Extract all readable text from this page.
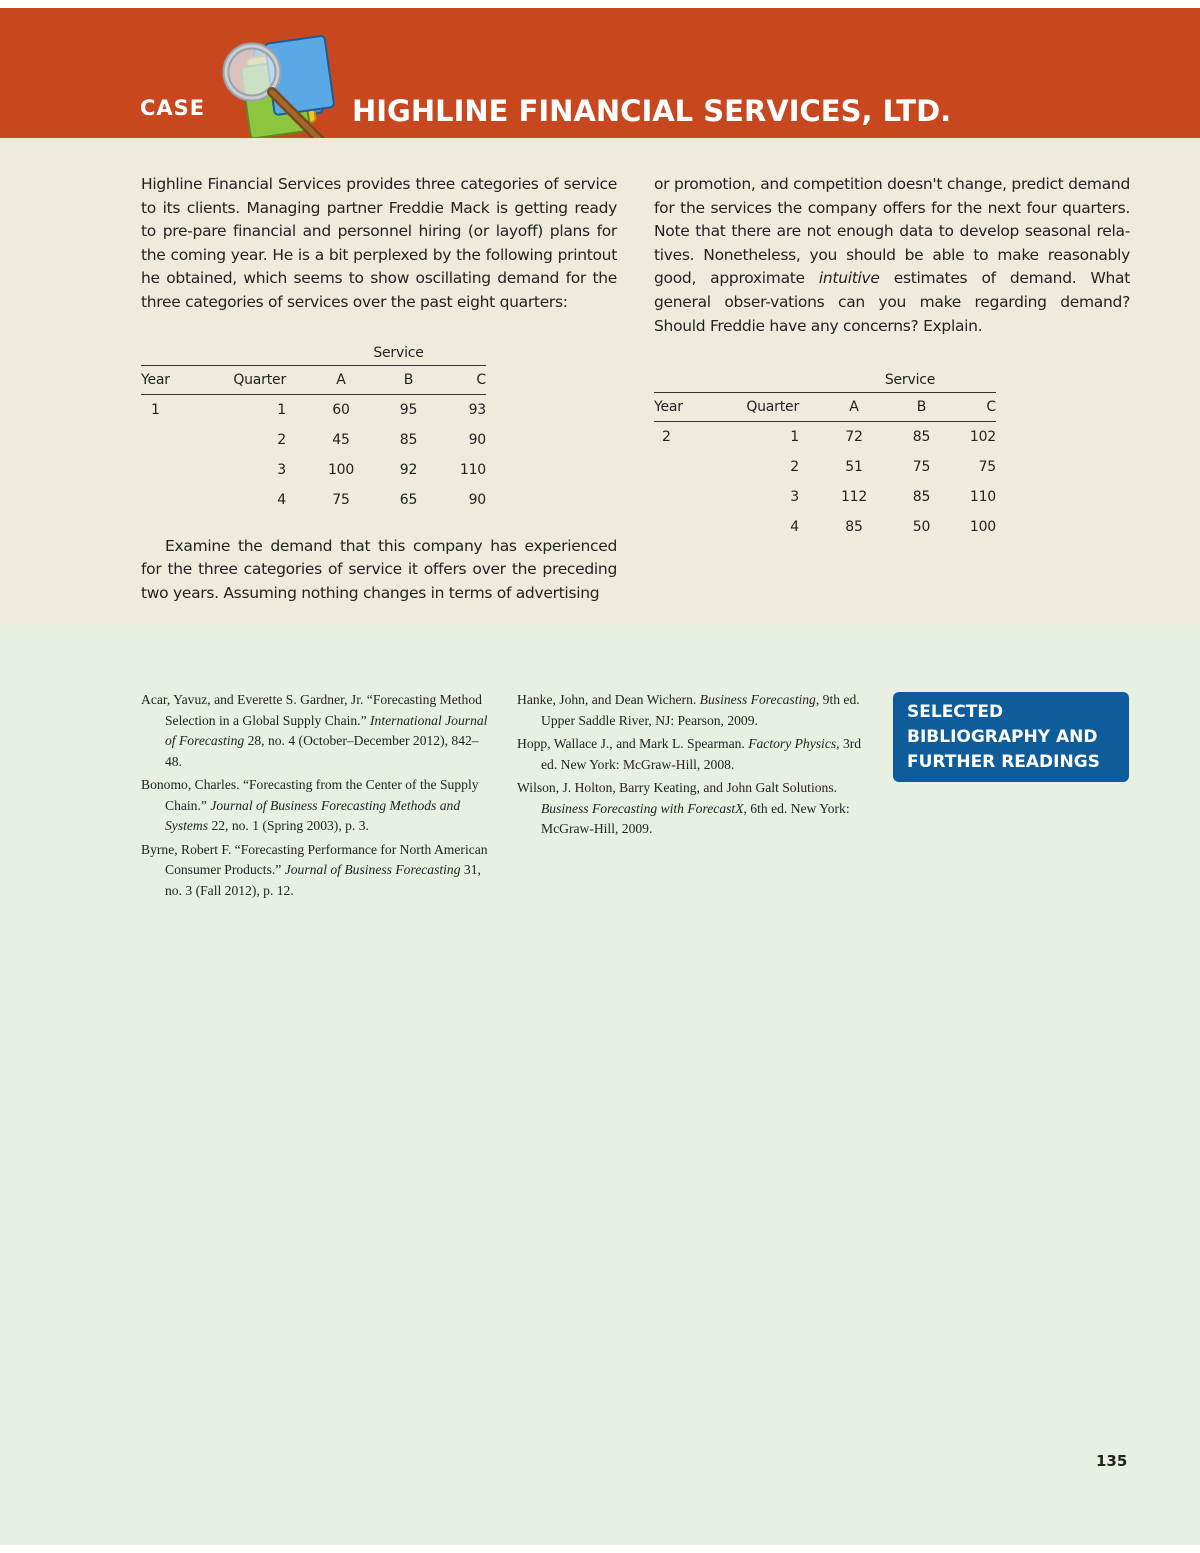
CASE	HIGHLINE FINANCIAL SERVICES, LTD.

Highline Financial Services provides three categories of service to its clients. Managing partner Freddie Mack is getting ready to pre-pare financial and personnel hiring (or layoff) plans for the coming year. He is a bit perplexed by the following printout he obtained, which seems to show oscillating demand for the three categories of services over the past eight quarters:

		Service		
Year	Quarter	A	B	C
1	1	60	95	93
	2	45	85	90
	3	100	92	110
	4	75	65	90

Examine the demand that this company has experienced for the three categories of service it offers over the preceding two years. Assuming nothing changes in terms of advertising

or promotion, and competition doesn't change, predict demand for the services the company offers for the next four quarters. Note that there are not enough data to develop seasonal rela-tives. Nonetheless, you should be able to make reasonably good, approximate intuitive estimates of demand. What general obser-vations can you make regarding demand? Should Freddie have any concerns? Explain.

		Service		
Year	Quarter	A	B	C
2	1	72	85	102
	2	51	75	75
	3	112	85	110
	4	85	50	100
Acar, Yavuz, and Everette S. Gardner, Jr. “Forecasting Method Selection in a Global Supply Chain.” International Journal of Forecasting 28, no. 4 (October–December 2012), 842–48.
Bonomo, Charles. “Forecasting from the Center of the Supply Chain.” Journal of Business Forecasting Methods and Systems 22, no. 1 (Spring 2003), p. 3.
Byrne, Robert F. “Forecasting Performance for North American Consumer Products.” Journal of Business Forecasting 31, no. 3 (Fall 2012), p. 12.
Hanke, John, and Dean Wichern. Business Forecasting, 9th ed. Upper Saddle River, NJ: Pearson, 2009.
Hopp, Wallace J., and Mark L. Spearman. Factory Physics, 3rd ed. New York: McGraw-Hill, 2008.
Wilson, J. Holton, Barry Keating, and John Galt Solutions. Business Forecasting with ForecastX, 6th ed. New York: McGraw-Hill, 2009.
SELECTED
BIBLIOGRAPHY AND
FURTHER READINGS
135
